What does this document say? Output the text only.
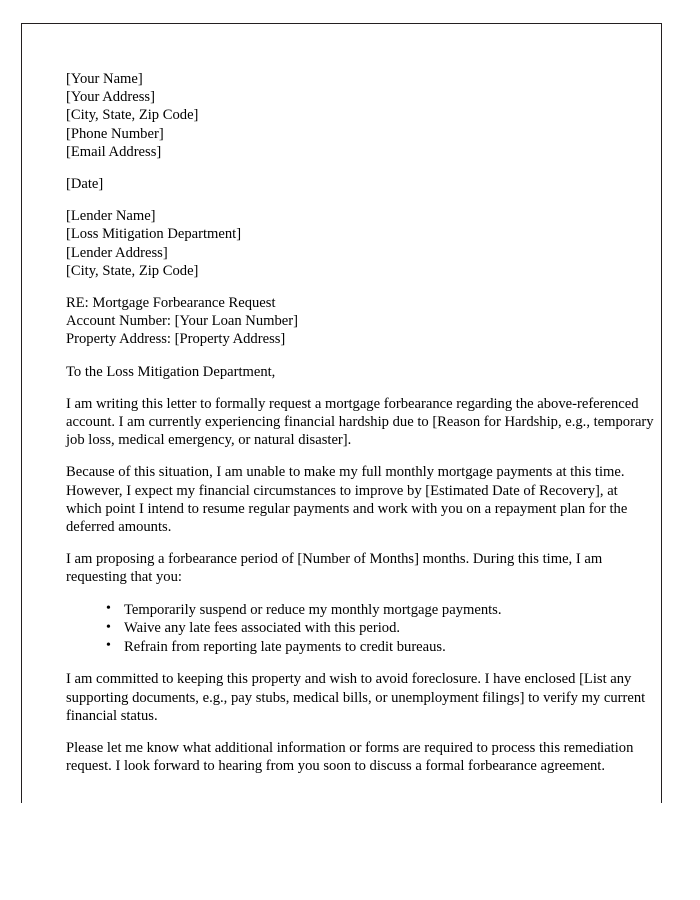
[Your Name]
[Your Address]
[City, State, Zip Code]
[Phone Number]
[Email Address]
[Date]
[Lender Name]
[Loss Mitigation Department]
[Lender Address]
[City, State, Zip Code]
RE: Mortgage Forbearance Request
Account Number: [Your Loan Number]
Property Address: [Property Address]

To the Loss Mitigation Department,

I am writing this letter to formally request a mortgage forbearance regarding the above-referenced account. I am currently experiencing financial hardship due to [Reason for Hardship, e.g., temporary job loss, medical emergency, or natural disaster].

Because of this situation, I am unable to make my full monthly mortgage payments at this time. However, I expect my financial circumstances to improve by [Estimated Date of Recovery], at which point I intend to resume regular payments and work with you on a repayment plan for the deferred amounts.

I am proposing a forbearance period of [Number of Months] months. During this time, I am requesting that you:

• Temporarily suspend or reduce my monthly mortgage payments.
• Waive any late fees associated with this period.
• Refrain from reporting late payments to credit bureaus.

I am committed to keeping this property and wish to avoid foreclosure. I have enclosed [List any supporting documents, e.g., pay stubs, medical bills, or unemployment filings] to verify my current financial status.

Please let me know what additional information or forms are required to process this remediation request. I look forward to hearing from you soon to discuss a formal forbearance agreement.
